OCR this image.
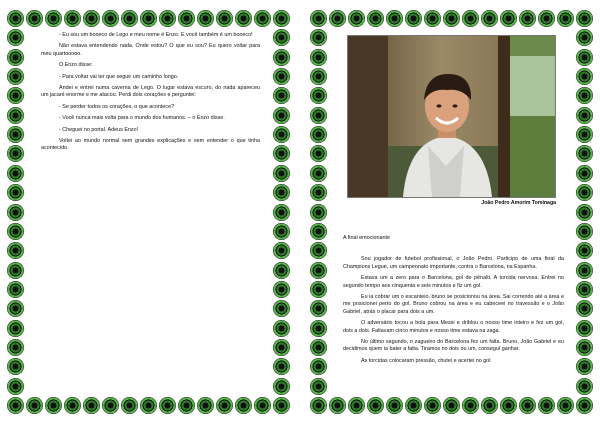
- Eu sou um boneco de Lego e meu nome é Enzo. E você também é um boneco!

Não estava entendendo nada. Onde estou? O que eu sou? Eu quero voltar para meu quartooooo.

O Enzo disse:

- Para voltar vai ter que seguir um caminho longo.

Andei e entrei numa caverna de Lego. O lugar estava escuro, do nada apareceu um jacaré enorme e me atacou. Perdi dois corações e perguntei:

- Se perder todos os corações, o que acontece?

- Você nunca mais volta para o mundo dos humanos. – o Enzo disse.

- Cheguei no portal. Adeus Enzo!

Voltei ao mundo normal sem grandes explicações e sem entender o que tinha acontecido.

João Pedro Amorim Tominaga

A final emocionante

Sou jogador de futebol profissional, o João Pedro. Participo de uma final da Champions Legue, um campeonato importante, contra o Barcelona, na Espanha.

Estava um a zero para o Barcelona, gol de pênalti. A torcida nervosa. Entrei no segundo tempo aos cinquenta e seis minutos e fiz um gol.

Eu ia cobrar um o escanteio, bruno se posicionou na área. Sai correndo até a área e me posicionei perto do gol. Bruno cobrou na área e eu cabeceei no travessão e o João Gabriel, atrás o placar para dois a um.

O adversário tocou a bola para Messi e driblou o nosso time inteiro e fez um gol, dois a dois. Faltavam cinco minutos e nosso time estava na zaga.

No último segundo, o zagueiro do Barcelona fez um falta. Bruno, João Gabriel e eu decidimos quem ia bater a falta. Tiramos no dois ou um, conseguí ganhar.

As torcidas colocaram pressão, chutei e acertei no gol.
